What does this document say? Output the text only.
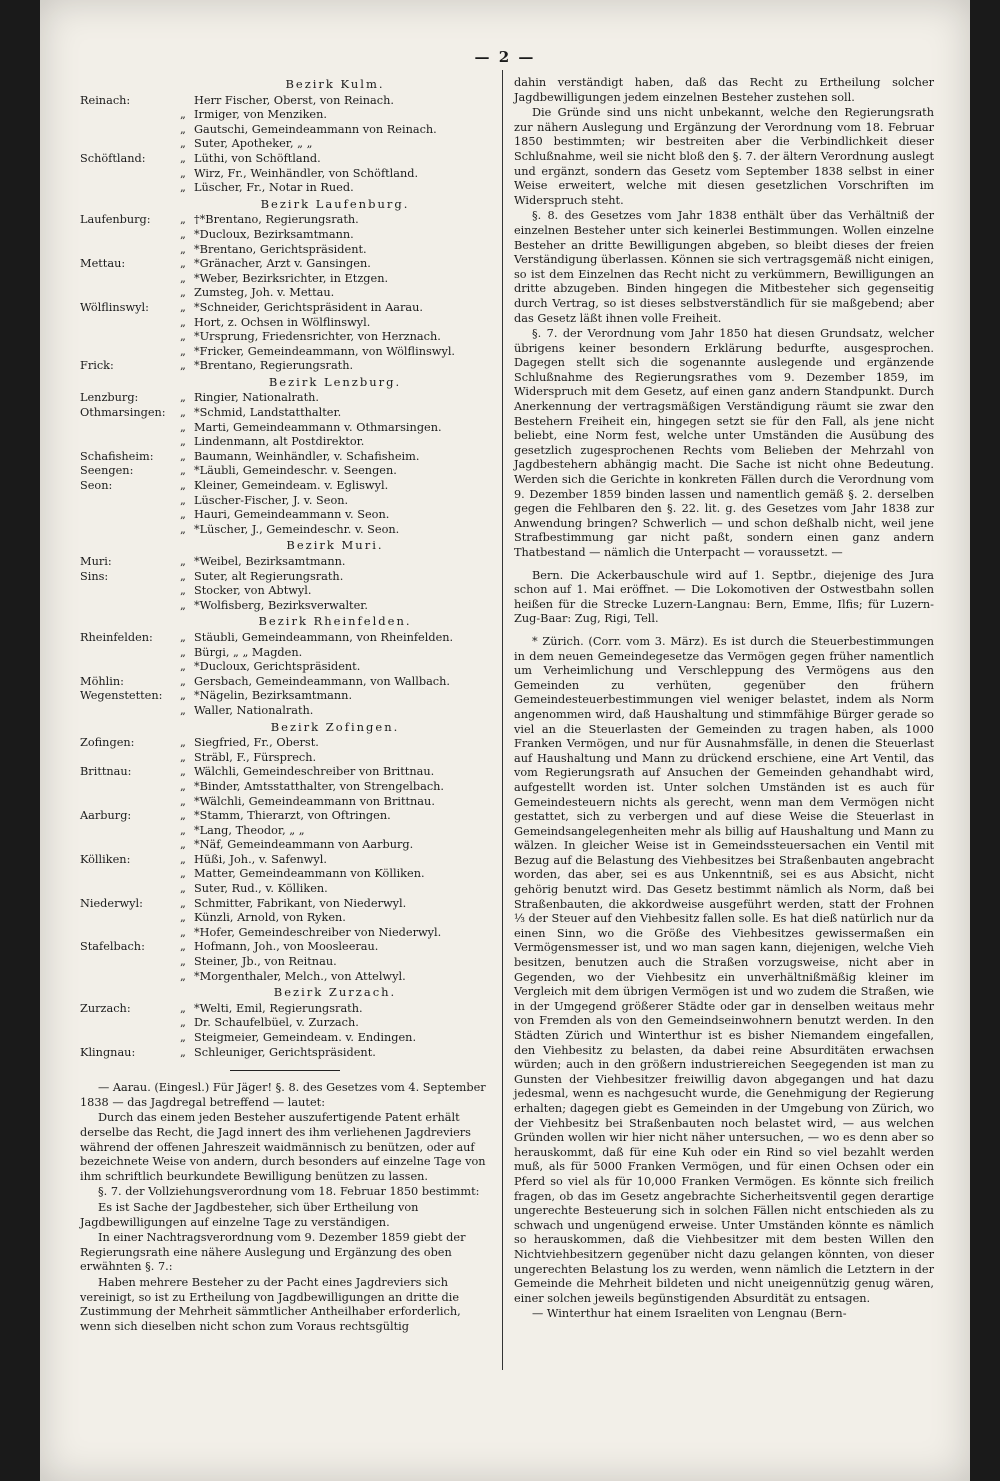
— 2 —
Bezirk Kulm.
Reinach:	Herr Fischer, Oberst, von Reinach.
„ Irmiger, von Menziken.
„ Gautschi, Gemeindeammann von Reinach.
„ Suter, Apotheker, „ „
Schöftland:	„ Lüthi, von Schöftland.
„ Wirz, Fr., Weinhändler, von Schöftland.
„ Lüscher, Fr., Notar in Rued.
Bezirk Laufenburg.
Laufenburg:	„ †*Brentano, Regierungsrath.
„ *Ducloux, Bezirksamtmann.
„ *Brentano, Gerichtspräsident.
Mettau:	„ *Gränacher, Arzt v. Gansingen.
„ *Weber, Bezirksrichter, in Etzgen.
„ Zumsteg, Joh. v. Mettau.
Wölflinswyl:	„ *Schneider, Gerichtspräsident in Aarau.
„ Hort, z. Ochsen in Wölflinswyl.
„ *Ursprung, Friedensrichter, von Herznach.
„ *Fricker, Gemeindeammann, von Wölflinswyl.
Frick:	„ *Brentano, Regierungsrath.
Bezirk Lenzburg.
Lenzburg:	„ Ringier, Nationalrath.
Othmarsingen:	„ *Schmid, Landstatthalter.
„ Marti, Gemeindeammann v. Othmarsingen.
„ Lindenmann, alt Postdirektor.
Schafisheim:	„ Baumann, Weinhändler, v. Schafisheim.
Seengen:	„ *Läubli, Gemeindeschr. v. Seengen.
Seon:	„ Kleiner, Gemeindeam. v. Egliswyl.
„ Lüscher-Fischer, J. v. Seon.
„ Hauri, Gemeindeammann v. Seon.
„ *Lüscher, J., Gemeindeschr. v. Seon.
Bezirk Muri.
Muri:	„ *Weibel, Bezirksamtmann.
Sins:	„ Suter, alt Regierungsrath.
„ Stocker, von Abtwyl.
„ *Wolfisberg, Bezirksverwalter.
Bezirk Rheinfelden.
Rheinfelden:	„ Stäubli, Gemeindeammann, von Rheinfelden.
„ Bürgi, „ „ Magden.
„ *Ducloux, Gerichtspräsident.
Möhlin:	„ Gersbach, Gemeindeammann, von Wallbach.
Wegenstetten:	„ *Nägelin, Bezirksamtmann.
„ Waller, Nationalrath.
Bezirk Zofingen.
Zofingen:	„ Siegfried, Fr., Oberst.
„ Sträbl, F., Fürsprech.
Brittnau:	„ Wälchli, Gemeindeschreiber von Brittnau.
„ *Binder, Amtsstatthalter, von Strengelbach.
„ *Wälchli, Gemeindeammann von Brittnau.
Aarburg:	„ *Stamm, Thierarzt, von Oftringen.
„ *Lang, Theodor, „ „
„ *Näf, Gemeindeammann von Aarburg.
Kölliken:	„ Hüßi, Joh., v. Safenwyl.
„ Matter, Gemeindeammann von Kölliken.
„ Suter, Rud., v. Kölliken.
Niederwyl:	„ Schmitter, Fabrikant, von Niederwyl.
„ Künzli, Arnold, von Ryken.
„ *Hofer, Gemeindeschreiber von Niederwyl.
Stafelbach:	„ Hofmann, Joh., von Moosleerau.
„ Steiner, Jb., von Reitnau.
„ *Morgenthaler, Melch., von Attelwyl.
Bezirk Zurzach.
Zurzach:	„ *Welti, Emil, Regierungsrath.
„ Dr. Schaufelbüel, v. Zurzach.
„ Steigmeier, Gemeindeam. v. Endingen.
Klingnau:	„ Schleuniger, Gerichtspräsident.

— Aarau. (Eingesl.) Für Jäger! §. 8. des Gesetzes vom 4. September 1838 — das Jagdregal betreffend — lautet:

Durch das einem jeden Besteher auszufertigende Patent erhält derselbe das Recht, die Jagd innert des ihm verliehenen Jagdreviers während der offenen Jahreszeit waidmännisch zu benützen, oder auf bezeichnete Weise von andern, durch besonders auf einzelne Tage von ihm schriftlich beurkundete Bewilligung benützen zu lassen.

§. 7. der Vollziehungsverordnung vom 18. Februar 1850 bestimmt:

Es ist Sache der Jagdbesteher, sich über Ertheilung von Jagdbewilligungen auf einzelne Tage zu verständigen.

In einer Nachtragsverordnung vom 9. Dezember 1859 giebt der Regierungsrath eine nähere Auslegung und Ergänzung des oben erwähnten §. 7.:

Haben mehrere Besteher zu der Pacht eines Jagdreviers sich vereinigt, so ist zu Ertheilung von Jagdbewilligungen an dritte die Zustimmung der Mehrheit sämmtlicher Antheilhaber erforderlich, wenn sich dieselben nicht schon zum Voraus rechtsgültig

dahin verständigt haben, daß das Recht zu Ertheilung solcher Jagdbewilligungen jedem einzelnen Besteher zustehen soll.

Die Gründe sind uns nicht unbekannt, welche den Regierungsrath zur nähern Auslegung und Ergänzung der Verordnung vom 18. Februar 1850 bestimmten; wir bestreiten aber die Verbindlichkeit dieser Schlußnahme, weil sie nicht bloß den §. 7. der ältern Verordnung auslegt und ergänzt, sondern das Gesetz vom September 1838 selbst in einer Weise erweitert, welche mit diesen gesetzlichen Vorschriften im Widerspruch steht.

§. 8. des Gesetzes vom Jahr 1838 enthält über das Verhältniß der einzelnen Besteher unter sich keinerlei Bestimmungen. Wollen einzelne Besteher an dritte Bewilligungen abgeben, so bleibt dieses der freien Verständigung überlassen. Können sie sich vertragsgemäß nicht einigen, so ist dem Einzelnen das Recht nicht zu verkümmern, Bewilligungen an dritte abzugeben. Binden hingegen die Mitbesteher sich gegenseitig durch Vertrag, so ist dieses selbstverständlich für sie maßgebend; aber das Gesetz läßt ihnen volle Freiheit.

§. 7. der Verordnung vom Jahr 1850 hat diesen Grundsatz, welcher übrigens keiner besondern Erklärung bedurfte, ausgesprochen. Dagegen stellt sich die sogenannte auslegende und ergänzende Schlußnahme des Regierungsrathes vom 9. Dezember 1859, im Widerspruch mit dem Gesetz, auf einen ganz andern Standpunkt. Durch Anerkennung der vertragsmäßigen Verständigung räumt sie zwar den Bestehern Freiheit ein, hingegen setzt sie für den Fall, als jene nicht beliebt, eine Norm fest, welche unter Umständen die Ausübung des gesetzlich zugesprochenen Rechts vom Belieben der Mehrzahl von Jagdbestehern abhängig macht. Die Sache ist nicht ohne Bedeutung. Werden sich die Gerichte in konkreten Fällen durch die Verordnung vom 9. Dezember 1859 binden lassen und namentlich gemäß §. 2. derselben gegen die Fehlbaren den §. 22. lit. g. des Gesetzes vom Jahr 1838 zur Anwendung bringen? Schwerlich — und schon deßhalb nicht, weil jene Strafbestimmung gar nicht paßt, sondern einen ganz andern Thatbestand — nämlich die Unterpacht — voraussetzt. —

Bern. Die Ackerbauschule wird auf 1. Septbr., diejenige des Jura schon auf 1. Mai eröffnet. — Die Lokomotiven der Ostwestbahn sollen heißen für die Strecke Luzern-Langnau: Bern, Emme, Ilfis; für Luzern-Zug-Baar: Zug, Rigi, Tell.

* Zürich. (Corr. vom 3. März). Es ist durch die Steuerbestimmungen in dem neuen Gemeindegesetze das Vermögen gegen früher namentlich um Verheimlichung und Verschleppung des Vermögens aus den Gemeinden zu verhüten, gegenüber den frühern Gemeindesteuerbestimmungen viel weniger belastet, indem als Norm angenommen wird, daß Haushaltung und stimmfähige Bürger gerade so viel an die Steuerlasten der Gemeinden zu tragen haben, als 1000 Franken Vermögen, und nur für Ausnahmsfälle, in denen die Steuerlast auf Haushaltung und Mann zu drückend erschiene, eine Art Ventil, das vom Regierungsrath auf Ansuchen der Gemeinden gehandhabt wird, aufgestellt worden ist. Unter solchen Umständen ist es auch für Gemeindesteuern nichts als gerecht, wenn man dem Vermögen nicht gestattet, sich zu verbergen und auf diese Weise die Steuerlast in Gemeindsangelegenheiten mehr als billig auf Haushaltung und Mann zu wälzen. In gleicher Weise ist in Gemeindssteuersachen ein Ventil mit Bezug auf die Belastung des Viehbesitzes bei Straßenbauten angebracht worden, das aber, sei es aus Unkenntniß, sei es aus Absicht, nicht gehörig benutzt wird. Das Gesetz bestimmt nämlich als Norm, daß bei Straßenbauten, die akkordweise ausgeführt werden, statt der Frohnen ⅓ der Steuer auf den Viehbesitz fallen solle. Es hat dieß natürlich nur da einen Sinn, wo die Größe des Viehbesitzes gewissermaßen ein Vermögensmesser ist, und wo man sagen kann, diejenigen, welche Vieh besitzen, benutzen auch die Straßen vorzugsweise, nicht aber in Gegenden, wo der Viehbesitz ein unverhältnißmäßig kleiner im Vergleich mit dem übrigen Vermögen ist und wo zudem die Straßen, wie in der Umgegend größerer Städte oder gar in denselben weitaus mehr von Fremden als von den Gemeindseinwohnern benutzt werden. In den Städten Zürich und Winterthur ist es bisher Niemandem eingefallen, den Viehbesitz zu belasten, da dabei reine Absurditäten erwachsen würden; auch in den größern industriereichen Seegegenden ist man zu Gunsten der Viehbesitzer freiwillig davon abgegangen und hat dazu jedesmal, wenn es nachgesucht wurde, die Genehmigung der Regierung erhalten; dagegen giebt es Gemeinden in der Umgebung von Zürich, wo der Viehbesitz bei Straßenbauten noch belastet wird, — aus welchen Gründen wollen wir hier nicht näher untersuchen, — wo es denn aber so herauskommt, daß für eine Kuh oder ein Rind so viel bezahlt werden muß, als für 5000 Franken Vermögen, und für einen Ochsen oder ein Pferd so viel als für 10,000 Franken Vermögen. Es könnte sich freilich fragen, ob das im Gesetz angebrachte Sicherheitsventil gegen derartige ungerechte Besteuerung sich in solchen Fällen nicht entschieden als zu schwach und ungenügend erweise. Unter Umständen könnte es nämlich so herauskommen, daß die Viehbesitzer mit dem besten Willen den Nichtviehbesitzern gegenüber nicht dazu gelangen könnten, von dieser ungerechten Belastung los zu werden, wenn nämlich die Letztern in der Gemeinde die Mehrheit bildeten und nicht uneigennützig genug wären, einer solchen jeweils begünstigenden Absurdität zu entsagen.

— Winterthur hat einem Israeliten von Lengnau (Bern-
